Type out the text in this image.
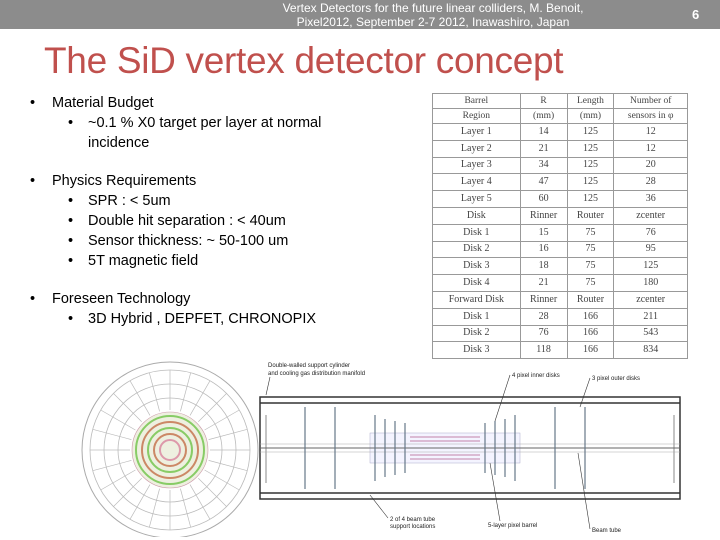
Vertex Detectors for the future linear colliders, M. Benoit,
Pixel2012, September 2-7 2012, Inawashiro, Japan	6
The SiD vertex detector concept
• Material Budget
• ~0.1 % X0 target per layer at normal
incidence
• Physics Requirements
• SPR : < 5um
• Double hit separation : < 40um
• Sensor thickness: ~ 50-100 um
• 5T magnetic field
• Foreseen Technology
• 3D Hybrid , DEPFET, CHRONOPIX
Barrel	R	Length	Number of
Region	(mm)	(mm)	sensors in φ
Layer 1	14	125	12
Layer 2	21	125	12
Layer 3	34	125	20
Layer 4	47	125	28
Layer 5	60	125	36
Disk	Rinner	Router	zcenter
Disk 1	15	75	76
Disk 2	16	75	95
Disk 3	18	75	125
Disk 4	21	75	180
Forward Disk	Rinner	Router	zcenter
Disk 1	28	166	211
Disk 2	76	166	543
Disk 3	118	166	834
Double-walled support cylinder
and cooling gas distribution manifold	4 pixel inner disks	3 pixel outer disks
2 of 4 beam tube
support locations	5-layer pixel barrel
Beam tube
